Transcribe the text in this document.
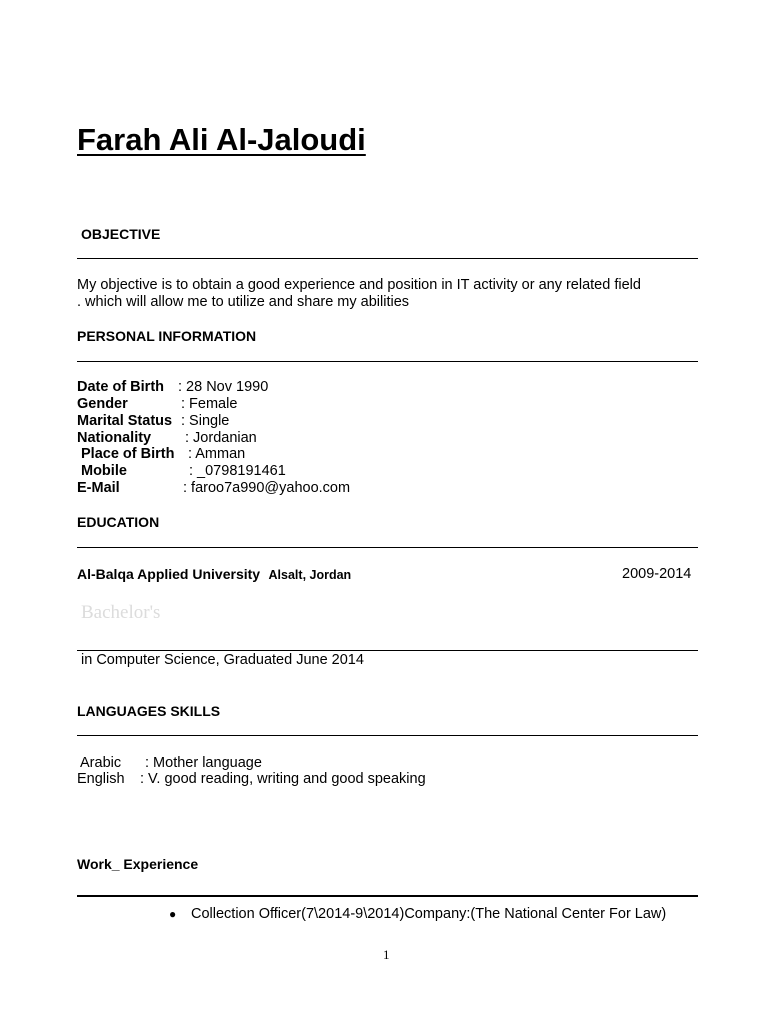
Farah Ali Al-Jaloudi
OBJECTIVE
My objective is to obtain a good experience and position in IT activity or any related field
. which will allow me to utilize and share my abilities
PERSONAL INFORMATION
Date of Birth : 28 Nov 1990
Gender	: Female
Marital Status : Single
Nationality : Jordanian
Place of Birth : Amman
Mobile	: _0798191461
E-Mail	: faroo7a990@yahoo.com
EDUCATION
Al-Balqa Applied University Alsalt, Jordan	2009-2014
Bachelor's
in Computer Science, Graduated June 2014
LANGUAGES SKILLS
Arabic : Mother language
English : V. good reading, writing and good speaking
Work_ Experience
● Collection Officer(7\2014-9\2014)Company:(The National Center For Law)
1
